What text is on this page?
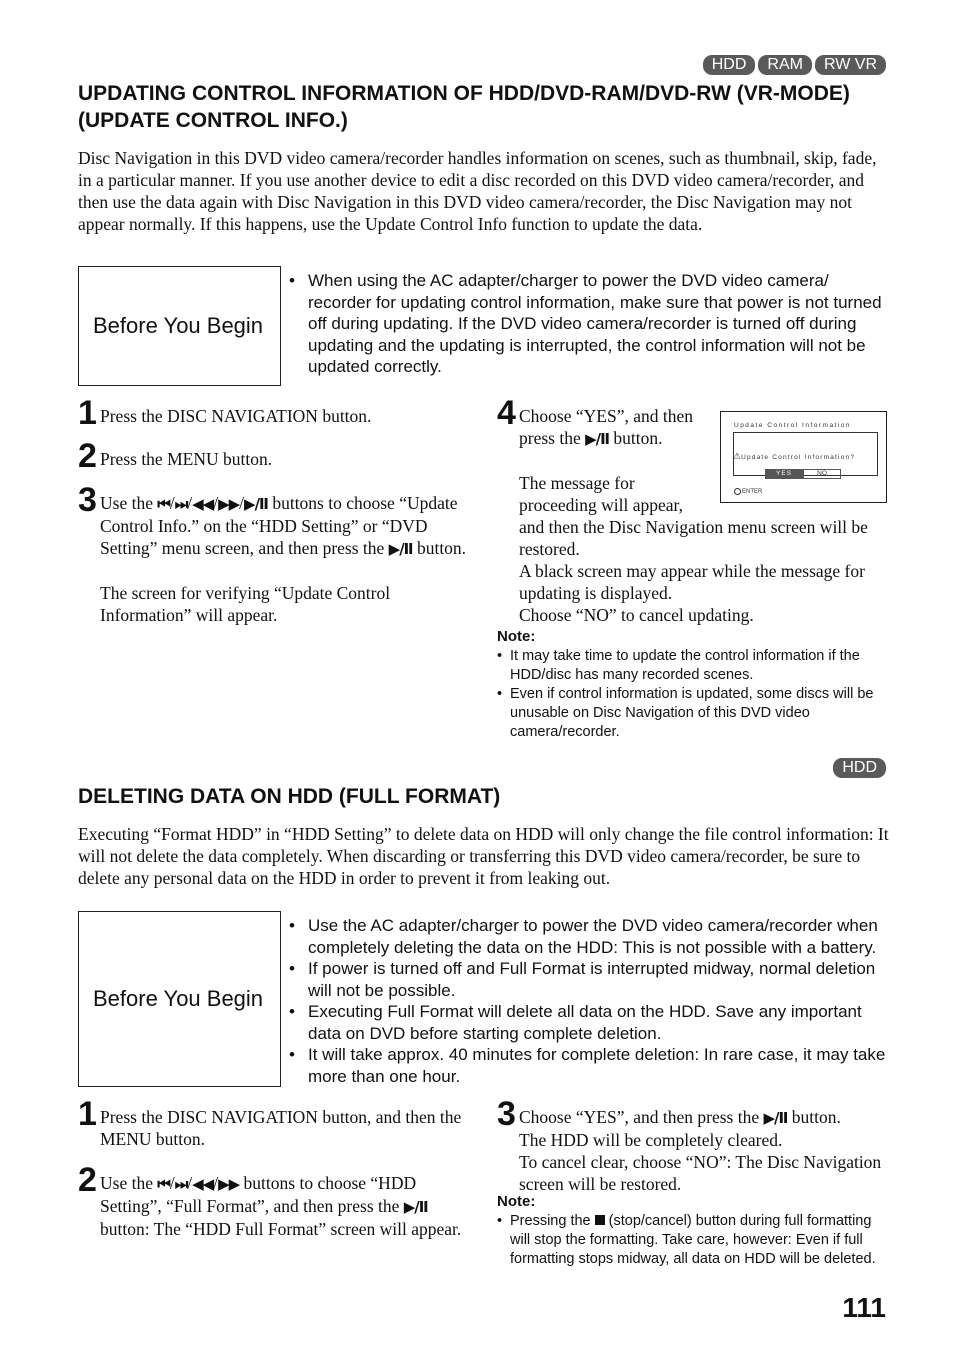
HDD	RAM	RW VR
UPDATING CONTROL INFORMATION OF HDD/DVD-RAM/DVD-RW (VR-MODE) (UPDATE CONTROL INFO.)

Disc Navigation in this DVD video camera/recorder handles information on scenes, such as thumbnail, skip, fade, in a particular manner. If you use another device to edit a disc recorded on this DVD video camera/recorder, and then use the data again with Disc Navigation in this DVD video camera/recorder, the Disc Navigation may not appear normally. If this happens, use the Update Control Info function to update the data.

Before You Begin
• When using the AC adapter/charger to power the DVD video camera/ recorder for updating control information, make sure that power is not turned off during updating. If the DVD video camera/recorder is turned off during updating and the updating is interrupted, the control information will not be updated correctly.
1 Press the DISC NAVIGATION button.

2 Press the MENU button.

3 Use the ⏮/⏭/◀◀/▶▶/▶/Ⅱ buttons to choose “Update Control Info.” on the “HDD Setting” or “DVD Setting” menu screen, and then press the ▶/Ⅱ button.

The screen for verifying “Update Control Information” will appear.

4 Choose “YES”, and then press the ▶/Ⅱ button.

The message for proceeding will appear,

and then the Disc Navigation menu screen will be restored.

A black screen may appear while the message for updating is displayed.

Choose “NO” to cancel updating.

Update Control Information
⚠Update Control Information?
YES	NO
ENTER
Note:
• It may take time to update the control information if the HDD/disc has many recorded scenes.
• Even if control information is updated, some discs will be unusable on Disc Navigation of this DVD video camera/recorder.
HDD
DELETING DATA ON HDD (FULL FORMAT)

Executing “Format HDD” in “HDD Setting” to delete data on HDD will only change the file control information: It will not delete the data completely. When discarding or transferring this DVD video camera/recorder, be sure to delete any personal data on the HDD in order to prevent it from leaking out.

Before You Begin
• Use the AC adapter/charger to power the DVD video camera/recorder when completely deleting the data on the HDD: This is not possible with a battery.
• If power is turned off and Full Format is interrupted midway, normal deletion will not be possible.
• Executing Full Format will delete all data on the HDD. Save any important data on DVD before starting complete deletion.
• It will take approx. 40 minutes for complete deletion: In rare case, it may take more than one hour.
1 Press the DISC NAVIGATION button, and then the MENU button.

2 Use the ⏮/⏭/◀◀/▶▶ buttons to choose “HDD Setting”, “Full Format”, and then press the ▶/Ⅱ button: The “HDD Full Format” screen will appear.

3 Choose “YES”, and then press the ▶/Ⅱ button.

The HDD will be completely cleared.

To cancel clear, choose “NO”: The Disc Navigation screen will be restored.

Note:
• Pressing the (stop/cancel) button during full formatting will stop the formatting. Take care, however: Even if full formatting stops midway, all data on HDD will be deleted.
111
